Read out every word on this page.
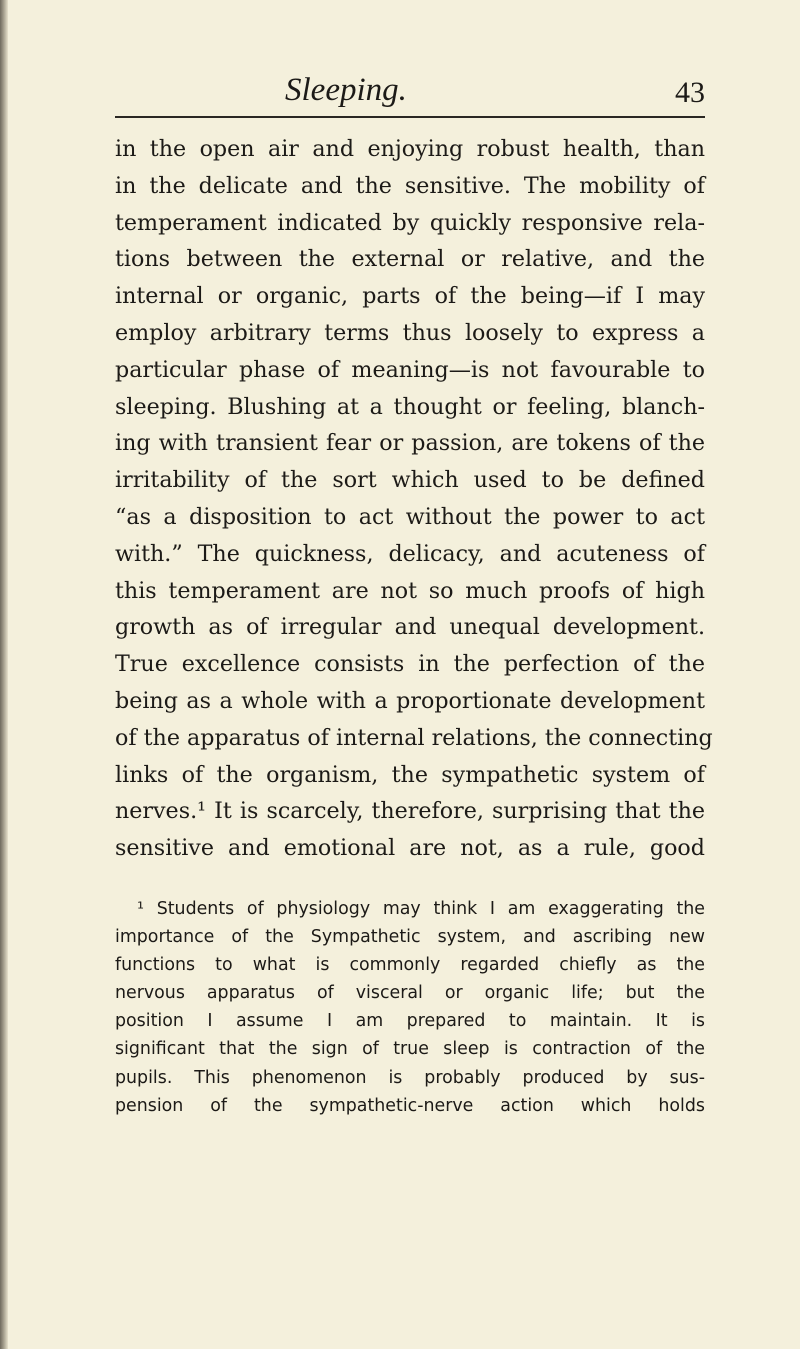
Sleeping.	43
in the open air and enjoying robust health, than
in the delicate and the sensitive. The mobility of
temperament indicated by quickly responsive rela-
tions between the external or relative, and the
internal or organic, parts of the being—if I may
employ arbitrary terms thus loosely to express a
particular phase of meaning—is not favourable to
sleeping. Blushing at a thought or feeling, blanch-
ing with transient fear or passion, are tokens of the
irritability of the sort which used to be defined
“as a disposition to act without the power to act
with.” The quickness, delicacy, and acuteness of
this temperament are not so much proofs of high
growth as of irregular and unequal development.
True excellence consists in the perfection of the
being as a whole with a proportionate development
of the apparatus of internal relations, the connecting
links of the organism, the sympathetic system of
nerves.¹ It is scarcely, therefore, surprising that the
sensitive and emotional are not, as a rule, good
¹ Students of physiology may think I am exaggerating the
importance of the Sympathetic system, and ascribing new
functions to what is commonly regarded chiefly as the
nervous apparatus of visceral or organic life; but the
position I assume I am prepared to maintain. It is
significant that the sign of true sleep is contraction of the
pupils. This phenomenon is probably produced by sus-
pension of the sympathetic-nerve action which holds
